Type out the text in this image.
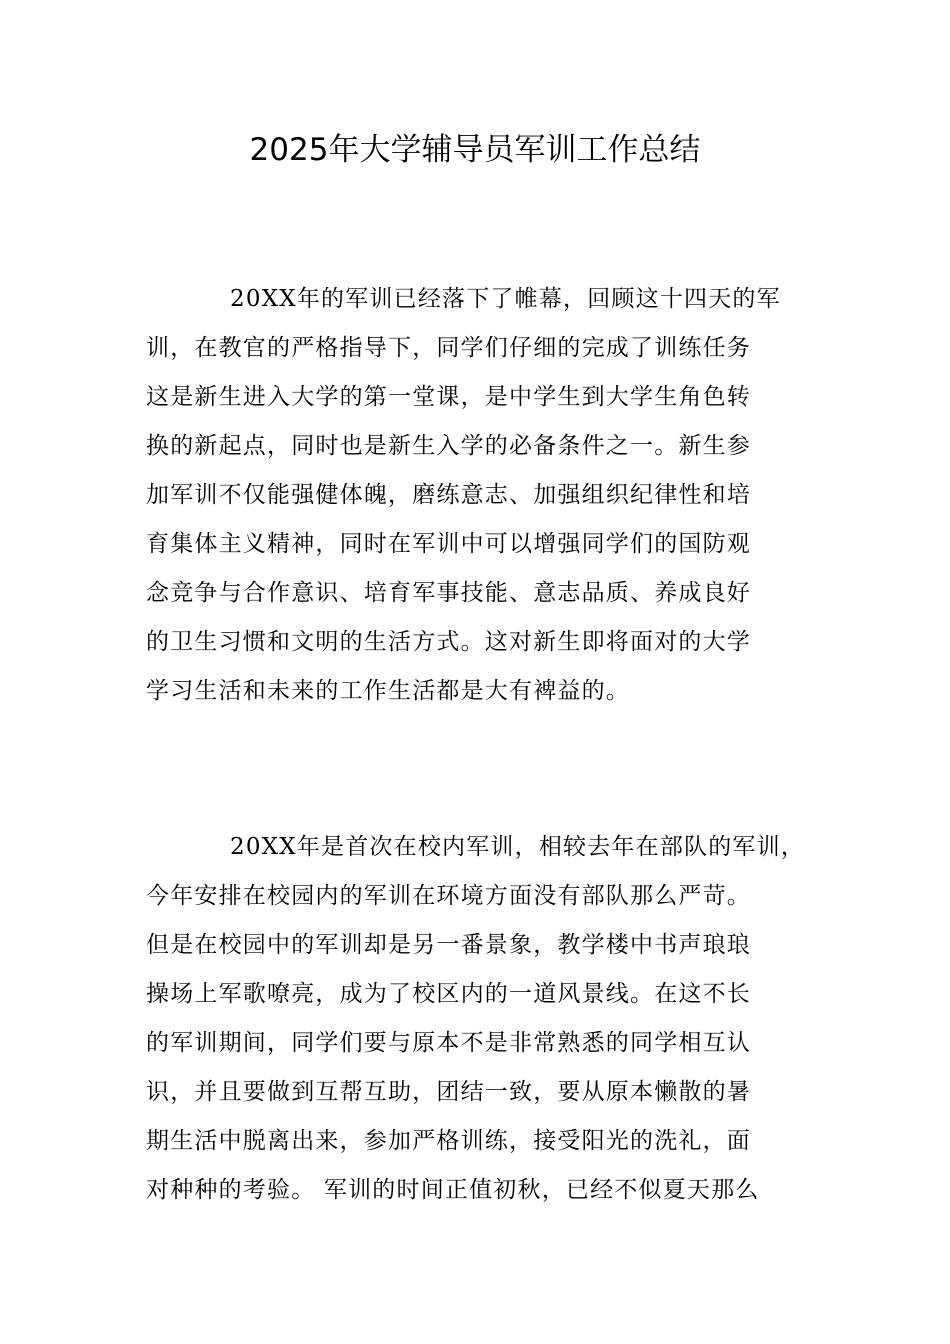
2025年大学辅导员军训工作总结
20XX年的军训已经落下了帷幕，回顾这十四天的军
训，在教官的严格指导下，同学们仔细的完成了训练任务
这是新生进入大学的第一堂课，是中学生到大学生角色转
换的新起点，同时也是新生入学的必备条件之一。新生参
加军训不仅能强健体魄，磨练意志、加强组织纪律性和培
育集体主义精神，同时在军训中可以增强同学们的国防观
念竞争与合作意识、培育军事技能、意志品质、养成良好
的卫生习惯和文明的生活方式。这对新生即将面对的大学
学习生活和未来的工作生活都是大有裨益的。
20XX年是首次在校内军训，相较去年在部队的军训，
今年安排在校园内的军训在环境方面没有部队那么严苛。
但是在校园中的军训却是另一番景象，教学楼中书声琅琅
操场上军歌嘹亮，成为了校区内的一道风景线。在这不长
的军训期间，同学们要与原本不是非常熟悉的同学相互认
识，并且要做到互帮互助，团结一致，要从原本懒散的暑
期生活中脱离出来，参加严格训练，接受阳光的洗礼，面
对种种的考验。 军训的时间正值初秋，已经不似夏天那么
